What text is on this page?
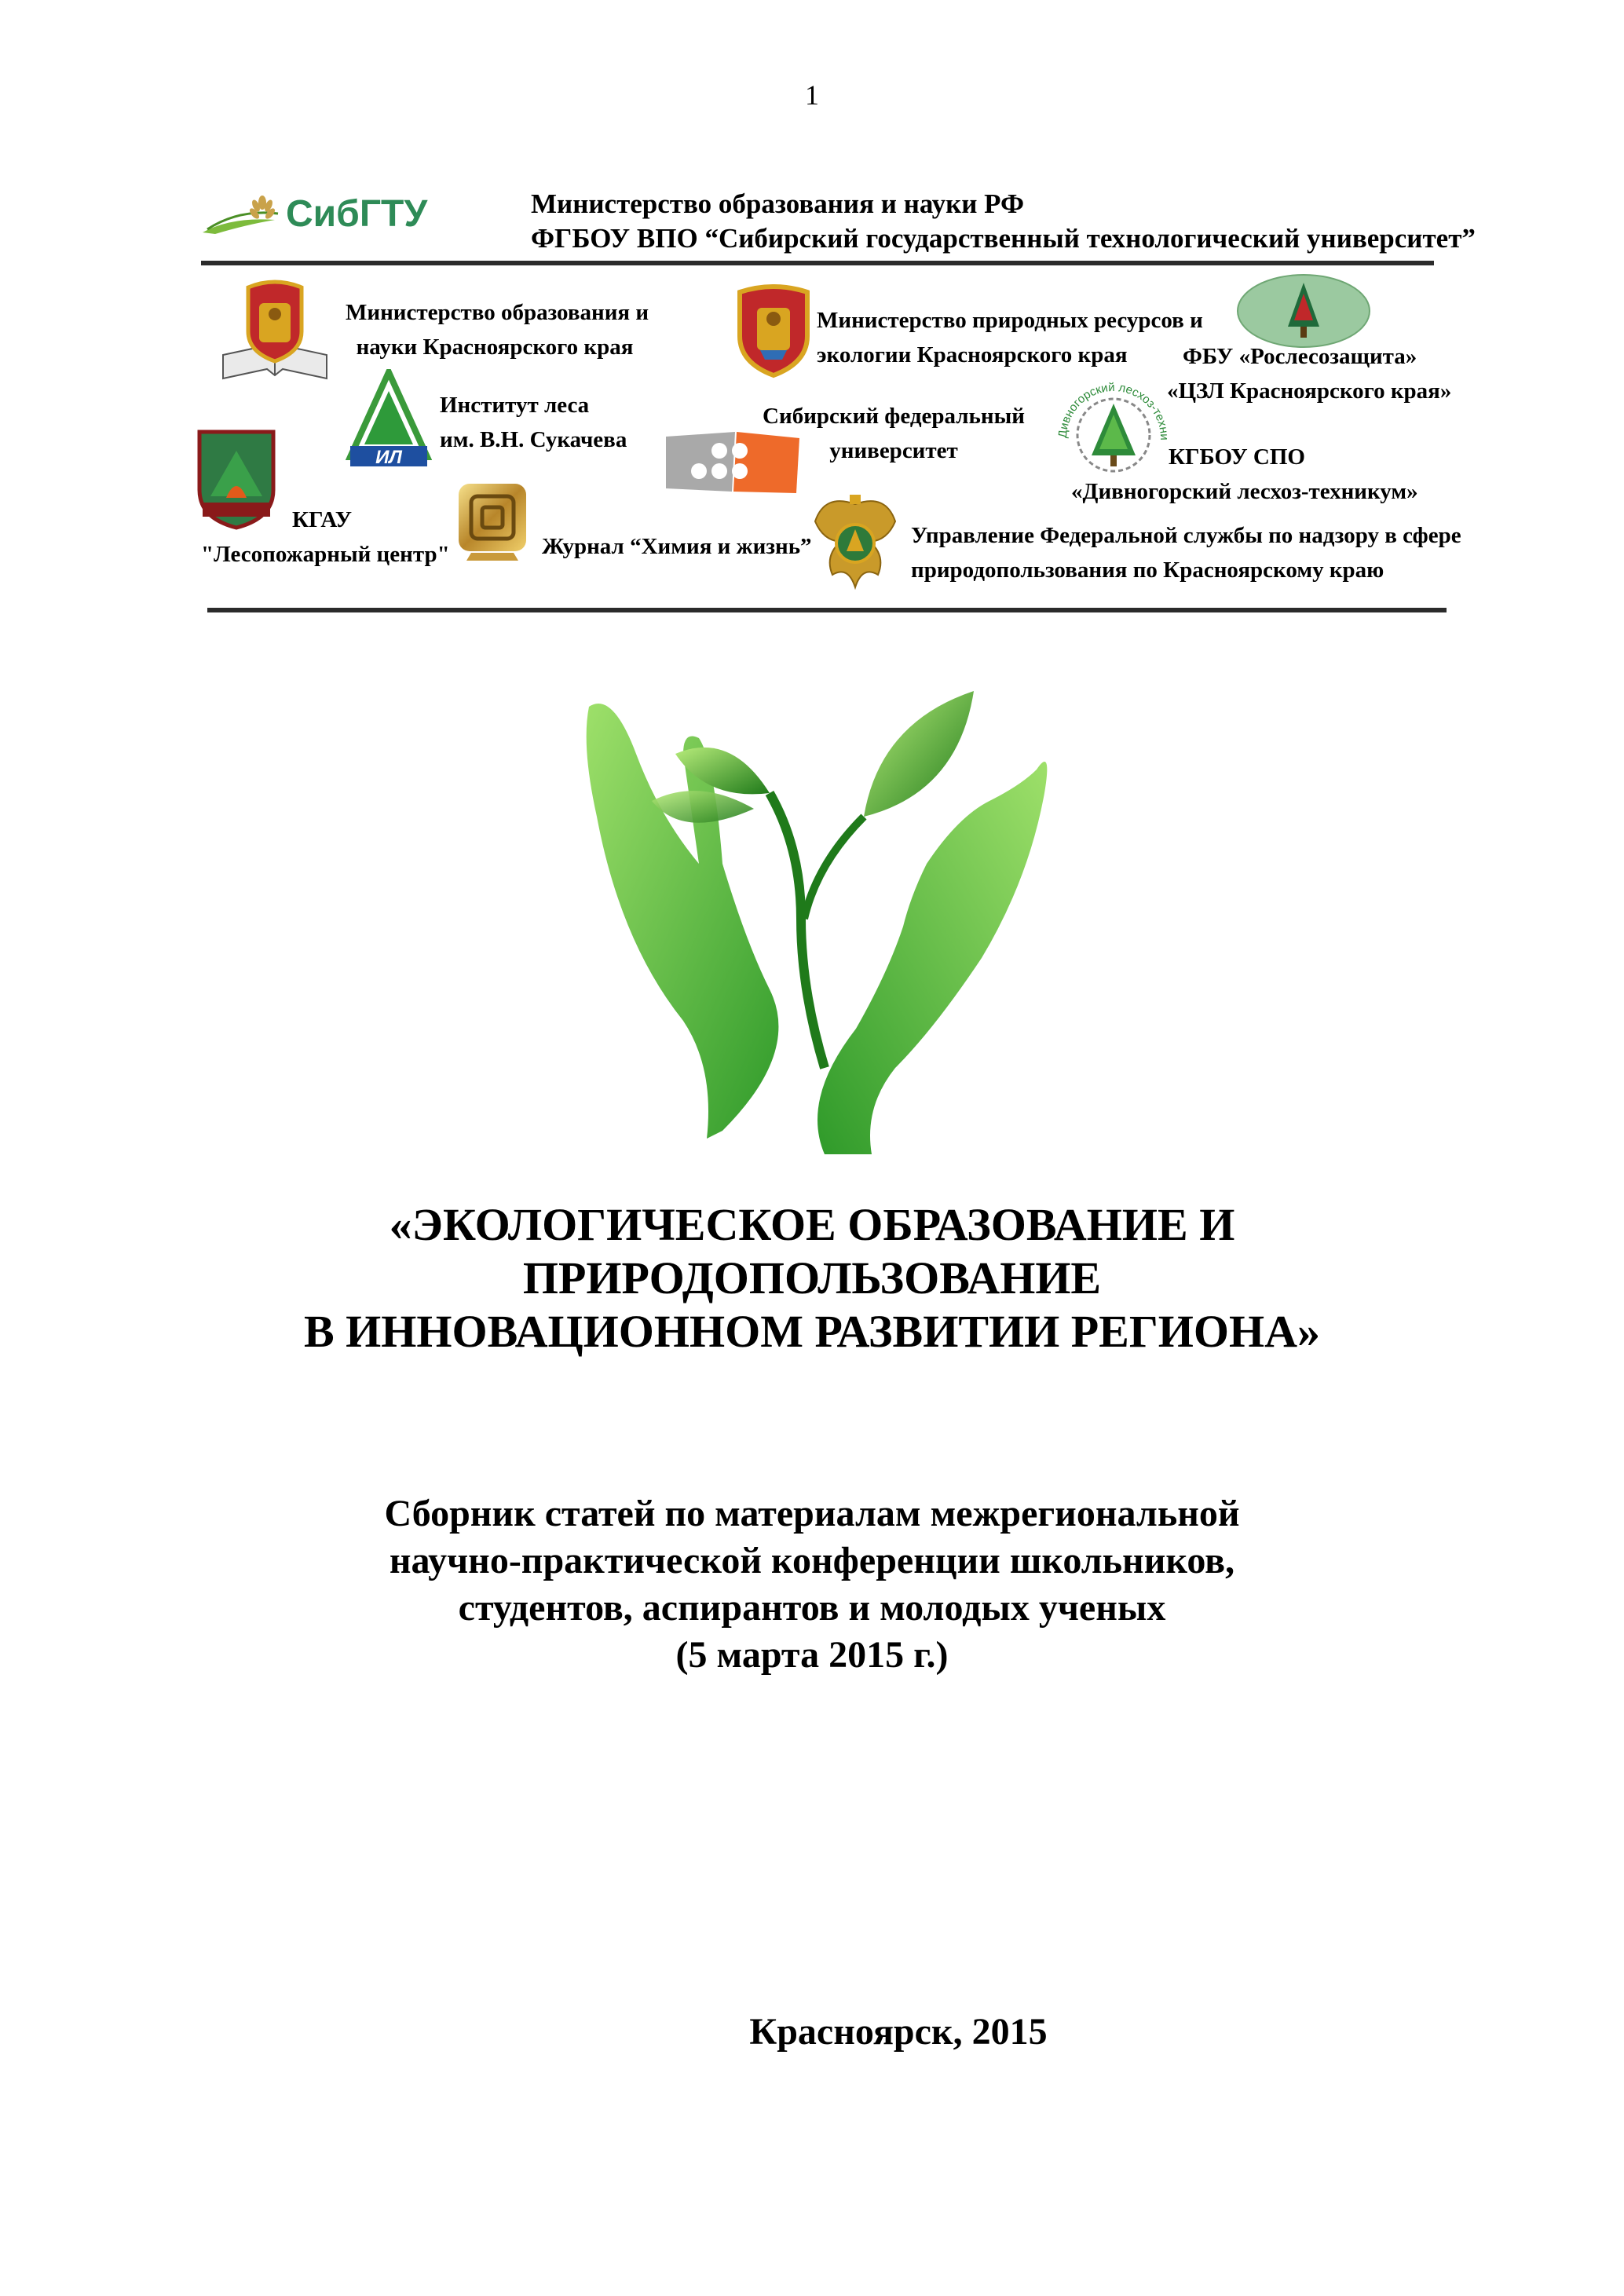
1
СибГТУ	Министерство образования и науки РФ
ФГБОУ ВПО “Сибирский государственный технологический университет”
Министерство образования и
науки Красноярского края
Министерство природных ресурсов и
экологии Красноярского края	ФБУ «Рослесозащита»
«ЦЗЛ Красноярского края»
ИЛ
Институт леса
им. В.Н. Сукачева
Сибирский федеральный
университет
Дивногорский лесхоз-техни
КГБОУ СПО
«Дивногорский лесхоз-техникум»
КГАУ
"Лесопожарный центр"	Журнал “Химия и жизнь”	Управление Федеральной службы по надзору в сфере
природопользования по Красноярскому краю
«ЭКОЛОГИЧЕСКОЕ ОБРАЗОВАНИЕ И
ПРИРОДОПОЛЬЗОВАНИЕ
В ИННОВАЦИОННОМ РАЗВИТИИ РЕГИОНА»
Сборник статей по материалам межрегиональной
научно-практической конференции школьников,
студентов, аспирантов и молодых ученых
(5 марта 2015 г.)
Красноярск, 2015
